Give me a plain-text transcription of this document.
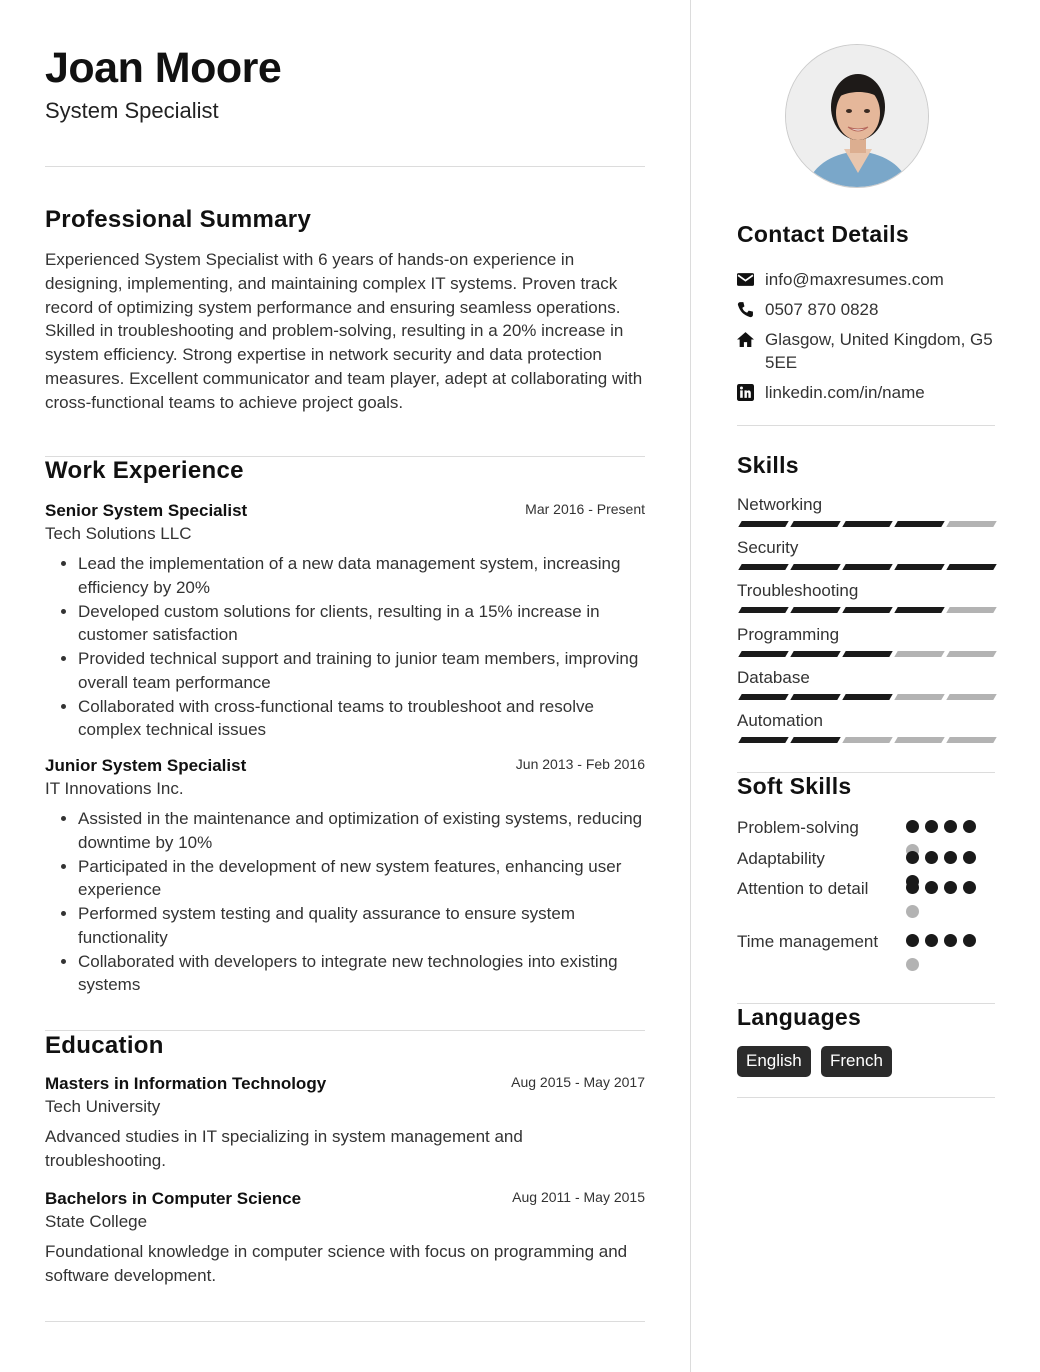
Joan Moore
System Specialist
Professional Summary
Experienced System Specialist with 6 years of hands-on experience in designing, implementing, and maintaining complex IT systems. Proven track record of optimizing system performance and ensuring seamless operations. Skilled in troubleshooting and problem-solving, resulting in a 20% increase in system efficiency. Strong expertise in network security and data protection measures. Excellent communicator and team player, adept at collaborating with cross-functional teams to achieve project goals.
Work Experience
Senior System Specialist	Mar 2016 - Present
Tech Solutions LLC
• Lead the implementation of a new data management system, increasing efficiency by 20%
• Developed custom solutions for clients, resulting in a 15% increase in customer satisfaction
• Provided technical support and training to junior team members, improving overall team performance
• Collaborated with cross-functional teams to troubleshoot and resolve complex technical issues
Junior System Specialist	Jun 2013 - Feb 2016
IT Innovations Inc.
• Assisted in the maintenance and optimization of existing systems, reducing downtime by 10%
• Participated in the development of new system features, enhancing user experience
• Performed system testing and quality assurance to ensure system functionality
• Collaborated with developers to integrate new technologies into existing systems
Education
Masters in Information Technology	Aug 2015 - May 2017
Tech University
Advanced studies in IT specializing in system management and troubleshooting.
Bachelors in Computer Science	Aug 2011 - May 2015
State College
Foundational knowledge in computer science with focus on programming and software development.
Contact Details
info@maxresumes.com
0507 870 0828
Glasgow, United Kingdom, G5 5EE
linkedin.com/in/name
Skills
Networking
Security
Troubleshooting
Programming
Database
Automation
Soft Skills
Problem-solving
Adaptability
Attention to detail
Time management
Languages
English	French
